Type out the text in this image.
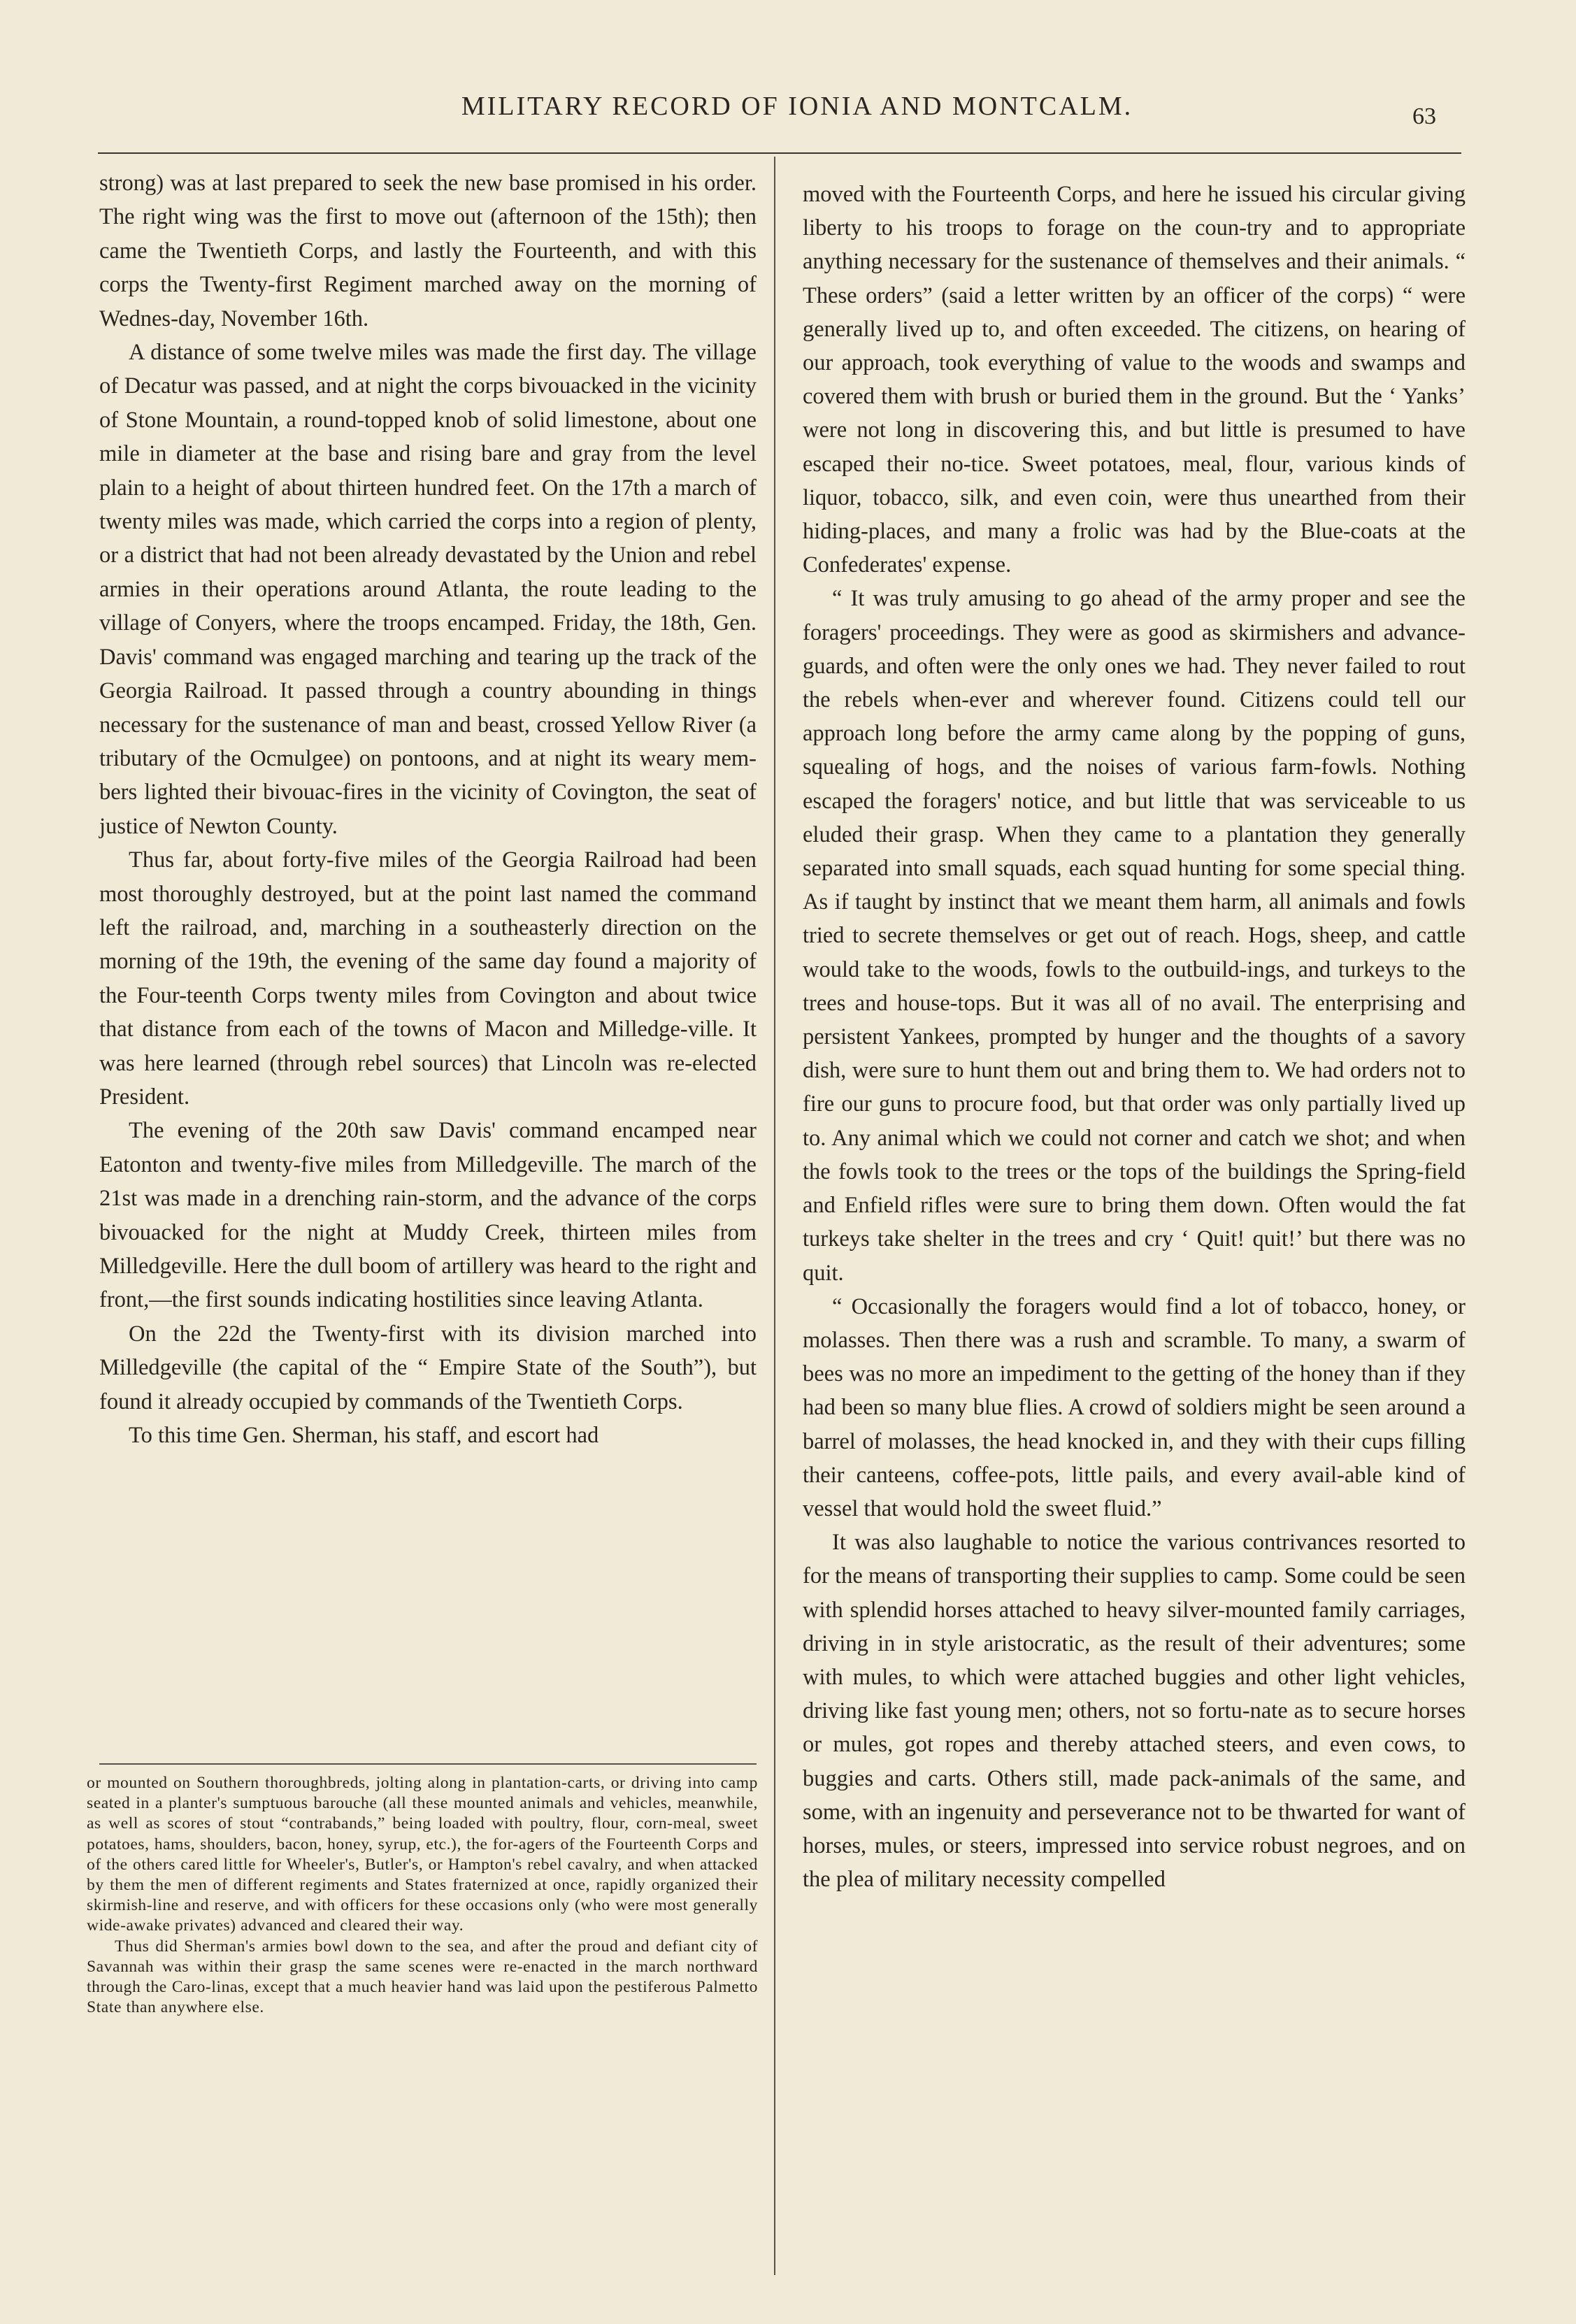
MILITARY RECORD OF IONIA AND MONTCALM.	63

strong) was at last prepared to seek the new base promised in his order. The right wing was the first to move out (afternoon of the 15th); then came the Twentieth Corps, and lastly the Fourteenth, and with this corps the Twenty-first Regiment marched away on the morning of Wednes-day, November 16th.

A distance of some twelve miles was made the first day. The village of Decatur was passed, and at night the corps bivouacked in the vicinity of Stone Mountain, a round-topped knob of solid limestone, about one mile in diameter at the base and rising bare and gray from the level plain to a height of about thirteen hundred feet. On the 17th a march of twenty miles was made, which carried the corps into a region of plenty, or a district that had not been already devastated by the Union and rebel armies in their operations around Atlanta, the route leading to the village of Conyers, where the troops encamped. Friday, the 18th, Gen. Davis' command was engaged marching and tearing up the track of the Georgia Railroad. It passed through a country abounding in things necessary for the sustenance of man and beast, crossed Yellow River (a tributary of the Ocmulgee) on pontoons, and at night its weary mem-bers lighted their bivouac-fires in the vicinity of Covington, the seat of justice of Newton County.

Thus far, about forty-five miles of the Georgia Railroad had been most thoroughly destroyed, but at the point last named the command left the railroad, and, marching in a southeasterly direction on the morning of the 19th, the evening of the same day found a majority of the Four-teenth Corps twenty miles from Covington and about twice that distance from each of the towns of Macon and Milledge-ville. It was here learned (through rebel sources) that Lincoln was re-elected President.

The evening of the 20th saw Davis' command encamped near Eatonton and twenty-five miles from Milledgeville. The march of the 21st was made in a drenching rain-storm, and the advance of the corps bivouacked for the night at Muddy Creek, thirteen miles from Milledgeville. Here the dull boom of artillery was heard to the right and front,—the first sounds indicating hostilities since leaving Atlanta.

On the 22d the Twenty-first with its division marched into Milledgeville (the capital of the “ Empire State of the South”), but found it already occupied by commands of the Twentieth Corps.

To this time Gen. Sherman, his staff, and escort had

or mounted on Southern thoroughbreds, jolting along in plantation-carts, or driving into camp seated in a planter's sumptuous barouche (all these mounted animals and vehicles, meanwhile, as well as scores of stout “contrabands,” being loaded with poultry, flour, corn-meal, sweet potatoes, hams, shoulders, bacon, honey, syrup, etc.), the for-agers of the Fourteenth Corps and of the others cared little for Wheeler's, Butler's, or Hampton's rebel cavalry, and when attacked by them the men of different regiments and States fraternized at once, rapidly organized their skirmish-line and reserve, and with officers for these occasions only (who were most generally wide-awake privates) advanced and cleared their way.

Thus did Sherman's armies bowl down to the sea, and after the proud and defiant city of Savannah was within their grasp the same scenes were re-enacted in the march northward through the Caro-linas, except that a much heavier hand was laid upon the pestiferous Palmetto State than anywhere else.

moved with the Fourteenth Corps, and here he issued his circular giving liberty to his troops to forage on the coun-try and to appropriate anything necessary for the sustenance of themselves and their animals. “ These orders” (said a letter written by an officer of the corps) “ were generally lived up to, and often exceeded. The citizens, on hearing of our approach, took everything of value to the woods and swamps and covered them with brush or buried them in the ground. But the ‘ Yanks’ were not long in discovering this, and but little is presumed to have escaped their no-tice. Sweet potatoes, meal, flour, various kinds of liquor, tobacco, silk, and even coin, were thus unearthed from their hiding-places, and many a frolic was had by the Blue-coats at the Confederates' expense.

“ It was truly amusing to go ahead of the army proper and see the foragers' proceedings. They were as good as skirmishers and advance-guards, and often were the only ones we had. They never failed to rout the rebels when-ever and wherever found. Citizens could tell our approach long before the army came along by the popping of guns, squealing of hogs, and the noises of various farm-fowls. Nothing escaped the foragers' notice, and but little that was serviceable to us eluded their grasp. When they came to a plantation they generally separated into small squads, each squad hunting for some special thing. As if taught by instinct that we meant them harm, all animals and fowls tried to secrete themselves or get out of reach. Hogs, sheep, and cattle would take to the woods, fowls to the outbuild-ings, and turkeys to the trees and house-tops. But it was all of no avail. The enterprising and persistent Yankees, prompted by hunger and the thoughts of a savory dish, were sure to hunt them out and bring them to. We had orders not to fire our guns to procure food, but that order was only partially lived up to. Any animal which we could not corner and catch we shot; and when the fowls took to the trees or the tops of the buildings the Spring-field and Enfield rifles were sure to bring them down. Often would the fat turkeys take shelter in the trees and cry ‘ Quit! quit!’ but there was no quit.

“ Occasionally the foragers would find a lot of tobacco, honey, or molasses. Then there was a rush and scramble. To many, a swarm of bees was no more an impediment to the getting of the honey than if they had been so many blue flies. A crowd of soldiers might be seen around a barrel of molasses, the head knocked in, and they with their cups filling their canteens, coffee-pots, little pails, and every avail-able kind of vessel that would hold the sweet fluid.”

It was also laughable to notice the various contrivances resorted to for the means of transporting their supplies to camp. Some could be seen with splendid horses attached to heavy silver-mounted family carriages, driving in in style aristocratic, as the result of their adventures; some with mules, to which were attached buggies and other light vehicles, driving like fast young men; others, not so fortu-nate as to secure horses or mules, got ropes and thereby attached steers, and even cows, to buggies and carts. Others still, made pack-animals of the same, and some, with an ingenuity and perseverance not to be thwarted for want of horses, mules, or steers, impressed into service robust negroes, and on the plea of military necessity compelled
